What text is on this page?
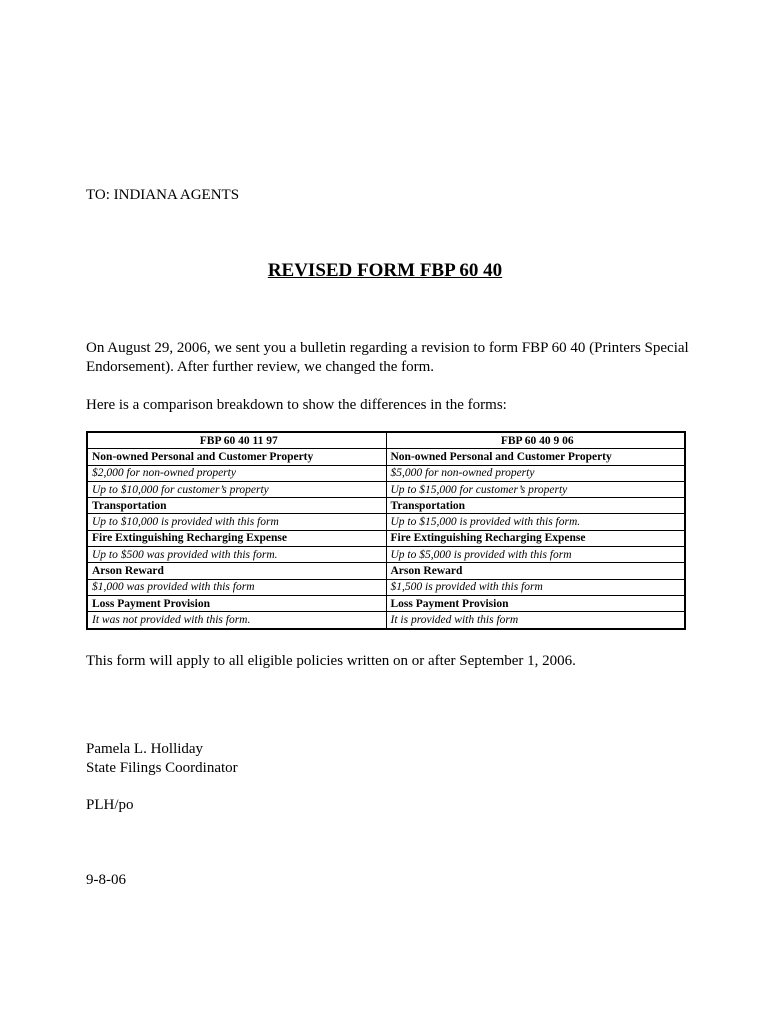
TO: INDIANA AGENTS
REVISED FORM FBP 60 40
On August 29, 2006, we sent you a bulletin regarding a revision to form FBP 60 40 (Printers Special Endorsement). After further review, we changed the form.
Here is a comparison breakdown to show the differences in the forms:
FBP 60 40 11 97	FBP 60 40 9 06
Non-owned Personal and Customer Property	Non-owned Personal and Customer Property
$2,000 for non-owned property	$5,000 for non-owned property
Up to $10,000 for customer’s property	Up to $15,000 for customer’s property
Transportation	Transportation
Up to $10,000 is provided with this form	Up to $15,000 is provided with this form.
Fire Extinguishing Recharging Expense	Fire Extinguishing Recharging Expense
Up to $500 was provided with this form.	Up to $5,000 is provided with this form
Arson Reward	Arson Reward
$1,000 was provided with this form	$1,500 is provided with this form
Loss Payment Provision	Loss Payment Provision
It was not provided with this form.	It is provided with this form
This form will apply to all eligible policies written on or after September 1, 2006.
Pamela L. Holliday
State Filings Coordinator
PLH/po
9-8-06
